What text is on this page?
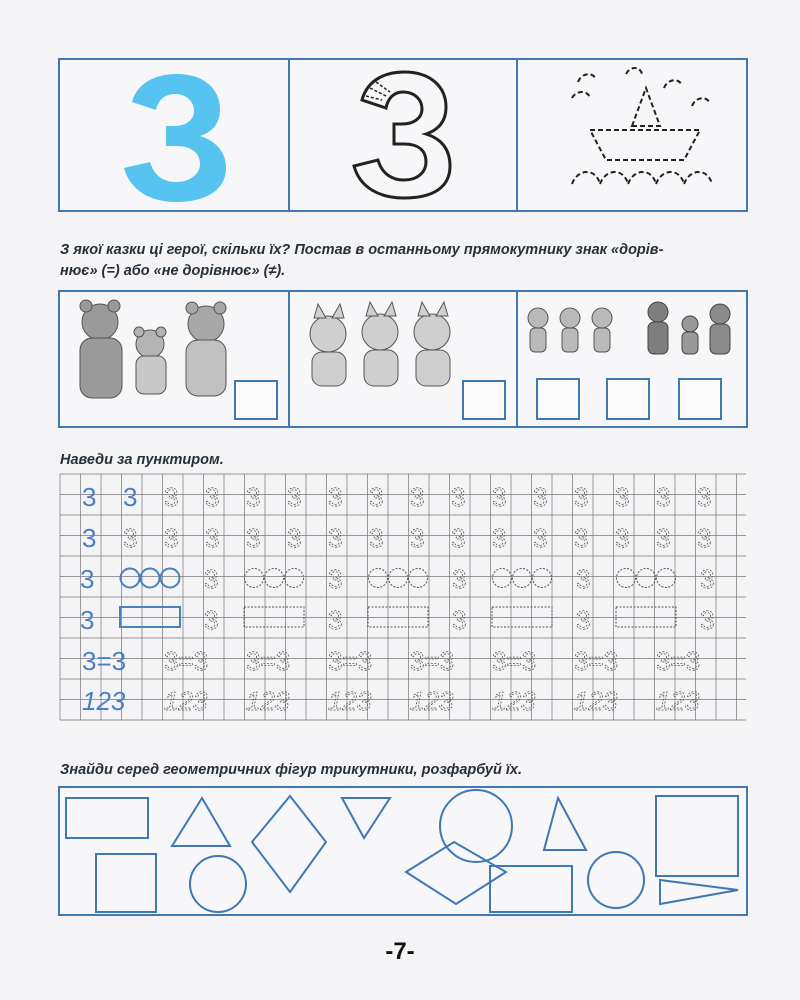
З якої казки ці герої, скільки їх? Постав в останньому прямокутнику знак «дорів-
нює» (=) або «не дорівнює» (≠).
Наведи за пунктиром.
3 3 3 3 3 3 3 3 3 3 3 3 3 3 3 3
3 3 3 3 3 3 3 3 3 3 3 3 3 3 3 3
3	3	3	3	3	3
3	3	3	3	3	3
3=3 3=3 3=3 3=3 3=3 3=3 3=3 3=3
123 123 123 123 123 123 123 123
Знайди серед геометричних фігур трикутники, розфарбуй їх.
-7-
